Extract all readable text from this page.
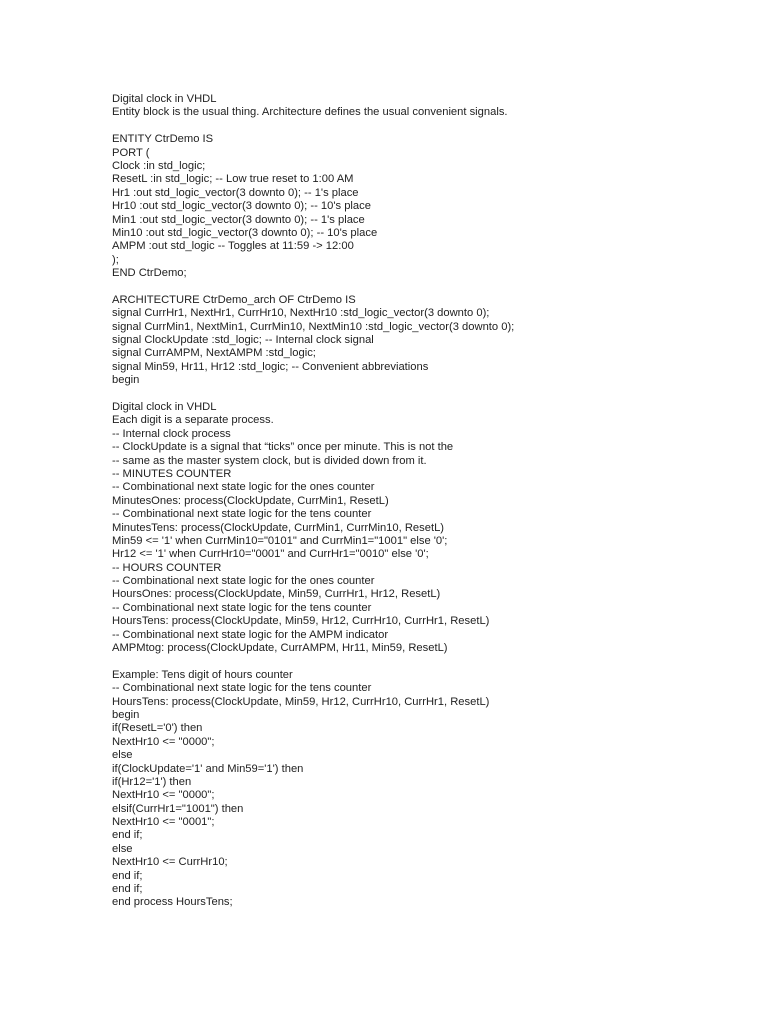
Digital clock in VHDL
Entity block is the usual thing. Architecture defines the usual convenient signals.
ENTITY CtrDemo IS
PORT (
Clock :in std_logic;
ResetL :in std_logic; -- Low true reset to 1:00 AM
Hr1 :out std_logic_vector(3 downto 0); -- 1's place
Hr10 :out std_logic_vector(3 downto 0); -- 10's place
Min1 :out std_logic_vector(3 downto 0); -- 1's place
Min10 :out std_logic_vector(3 downto 0); -- 10's place
AMPM :out std_logic -- Toggles at 11:59 -> 12:00
);
END CtrDemo;
ARCHITECTURE CtrDemo_arch OF CtrDemo IS
signal CurrHr1, NextHr1, CurrHr10, NextHr10 :std_logic_vector(3 downto 0);
signal CurrMin1, NextMin1, CurrMin10, NextMin10 :std_logic_vector(3 downto 0);
signal ClockUpdate :std_logic; -- Internal clock signal
signal CurrAMPM, NextAMPM :std_logic;
signal Min59, Hr11, Hr12 :std_logic; -- Convenient abbreviations
begin
Digital clock in VHDL
Each digit is a separate process.
-- Internal clock process
-- ClockUpdate is a signal that “ticks” once per minute. This is not the
-- same as the master system clock, but is divided down from it.
-- MINUTES COUNTER
-- Combinational next state logic for the ones counter
MinutesOnes: process(ClockUpdate, CurrMin1, ResetL)
-- Combinational next state logic for the tens counter
MinutesTens: process(ClockUpdate, CurrMin1, CurrMin10, ResetL)
Min59 <= '1' when CurrMin10="0101" and CurrMin1="1001" else '0';
Hr12 <= '1' when CurrHr10="0001" and CurrHr1="0010" else '0';
-- HOURS COUNTER
-- Combinational next state logic for the ones counter
HoursOnes: process(ClockUpdate, Min59, CurrHr1, Hr12, ResetL)
-- Combinational next state logic for the tens counter
HoursTens: process(ClockUpdate, Min59, Hr12, CurrHr10, CurrHr1, ResetL)
-- Combinational next state logic for the AMPM indicator
AMPMtog: process(ClockUpdate, CurrAMPM, Hr11, Min59, ResetL)
Example: Tens digit of hours counter
-- Combinational next state logic for the tens counter
HoursTens: process(ClockUpdate, Min59, Hr12, CurrHr10, CurrHr1, ResetL)
begin
if(ResetL='0') then
NextHr10 <= "0000";
else
if(ClockUpdate='1' and Min59='1') then
if(Hr12='1') then
NextHr10 <= "0000";
elsif(CurrHr1="1001") then
NextHr10 <= "0001";
end if;
else
NextHr10 <= CurrHr10;
end if;
end if;
end process HoursTens;
